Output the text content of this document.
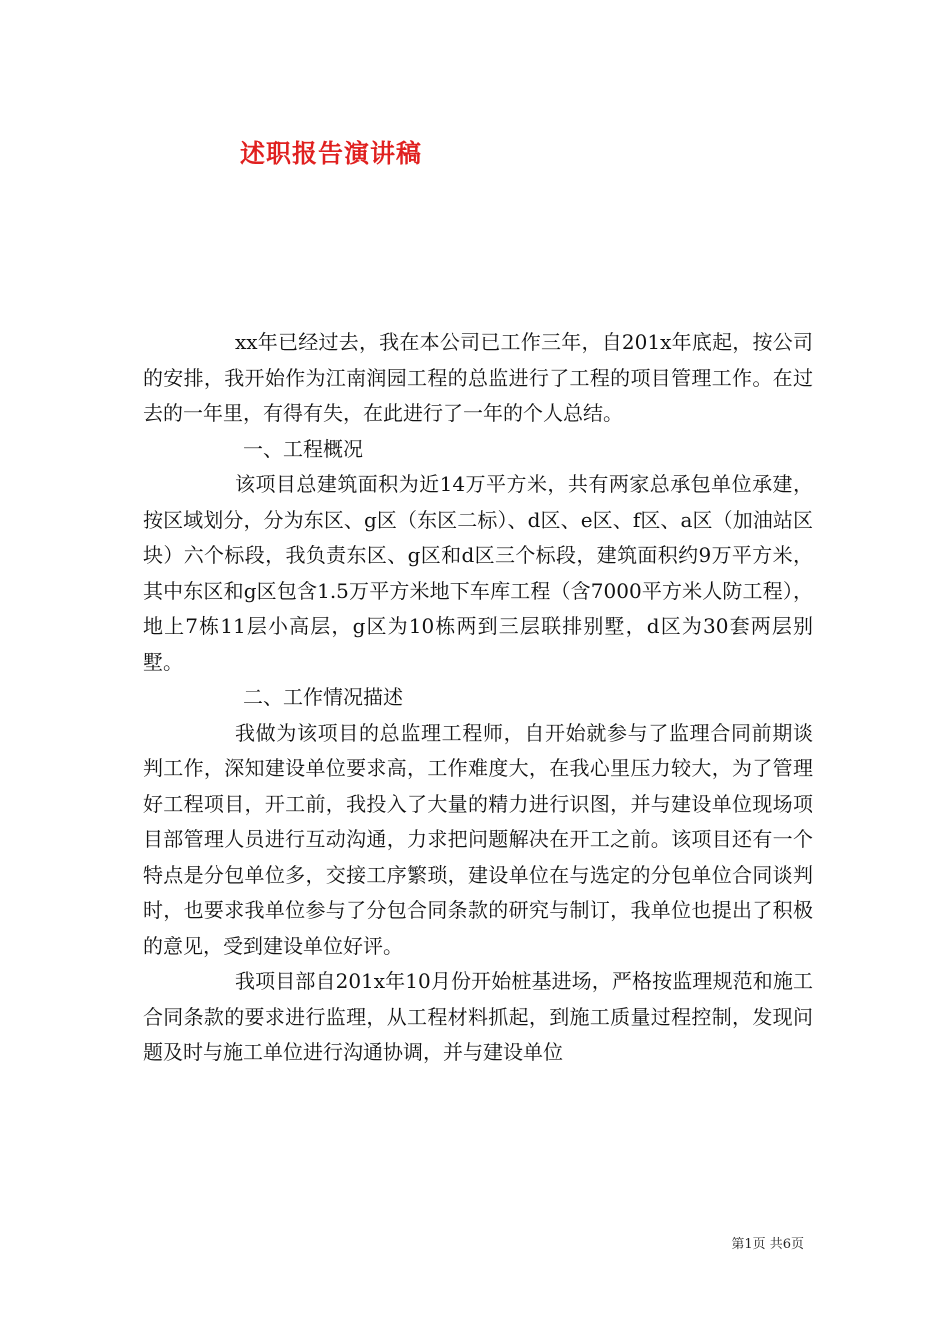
述职报告演讲稿

xx年已经过去，我在本公司已工作三年，自201x年底起，按公司的安排，我开始作为江南润园工程的总监进行了工程的项目管理工作。在过去的一年里，有得有失，在此进行了一年的个人总结。

一、工程概况

该项目总建筑面积为近14万平方米，共有两家总承包单位承建，按区域划分，分为东区、g区（东区二标）、d区、e区、f区、a区（加油站区块）六个标段，我负责东区、g区和d区三个标段，建筑面积约9万平方米，其中东区和g区包含1.5万平方米地下车库工程（含7000平方米人防工程），地上7栋11层小高层，g区为10栋两到三层联排别墅，d区为30套两层别墅。

二、工作情况描述

我做为该项目的总监理工程师，自开始就参与了监理合同前期谈判工作，深知建设单位要求高，工作难度大，在我心里压力较大，为了管理好工程项目，开工前，我投入了大量的精力进行识图，并与建设单位现场项目部管理人员进行互动沟通，力求把问题解决在开工之前。该项目还有一个特点是分包单位多，交接工序繁琐，建设单位在与选定的分包单位合同谈判时，也要求我单位参与了分包合同条款的研究与制订，我单位也提出了积极的意见，受到建设单位好评。

我项目部自201x年10月份开始桩基进场，严格按监理规范和施工合同条款的要求进行监理，从工程材料抓起，到施工质量过程控制，发现问题及时与施工单位进行沟通协调，并与建设单位

第1页 共6页
